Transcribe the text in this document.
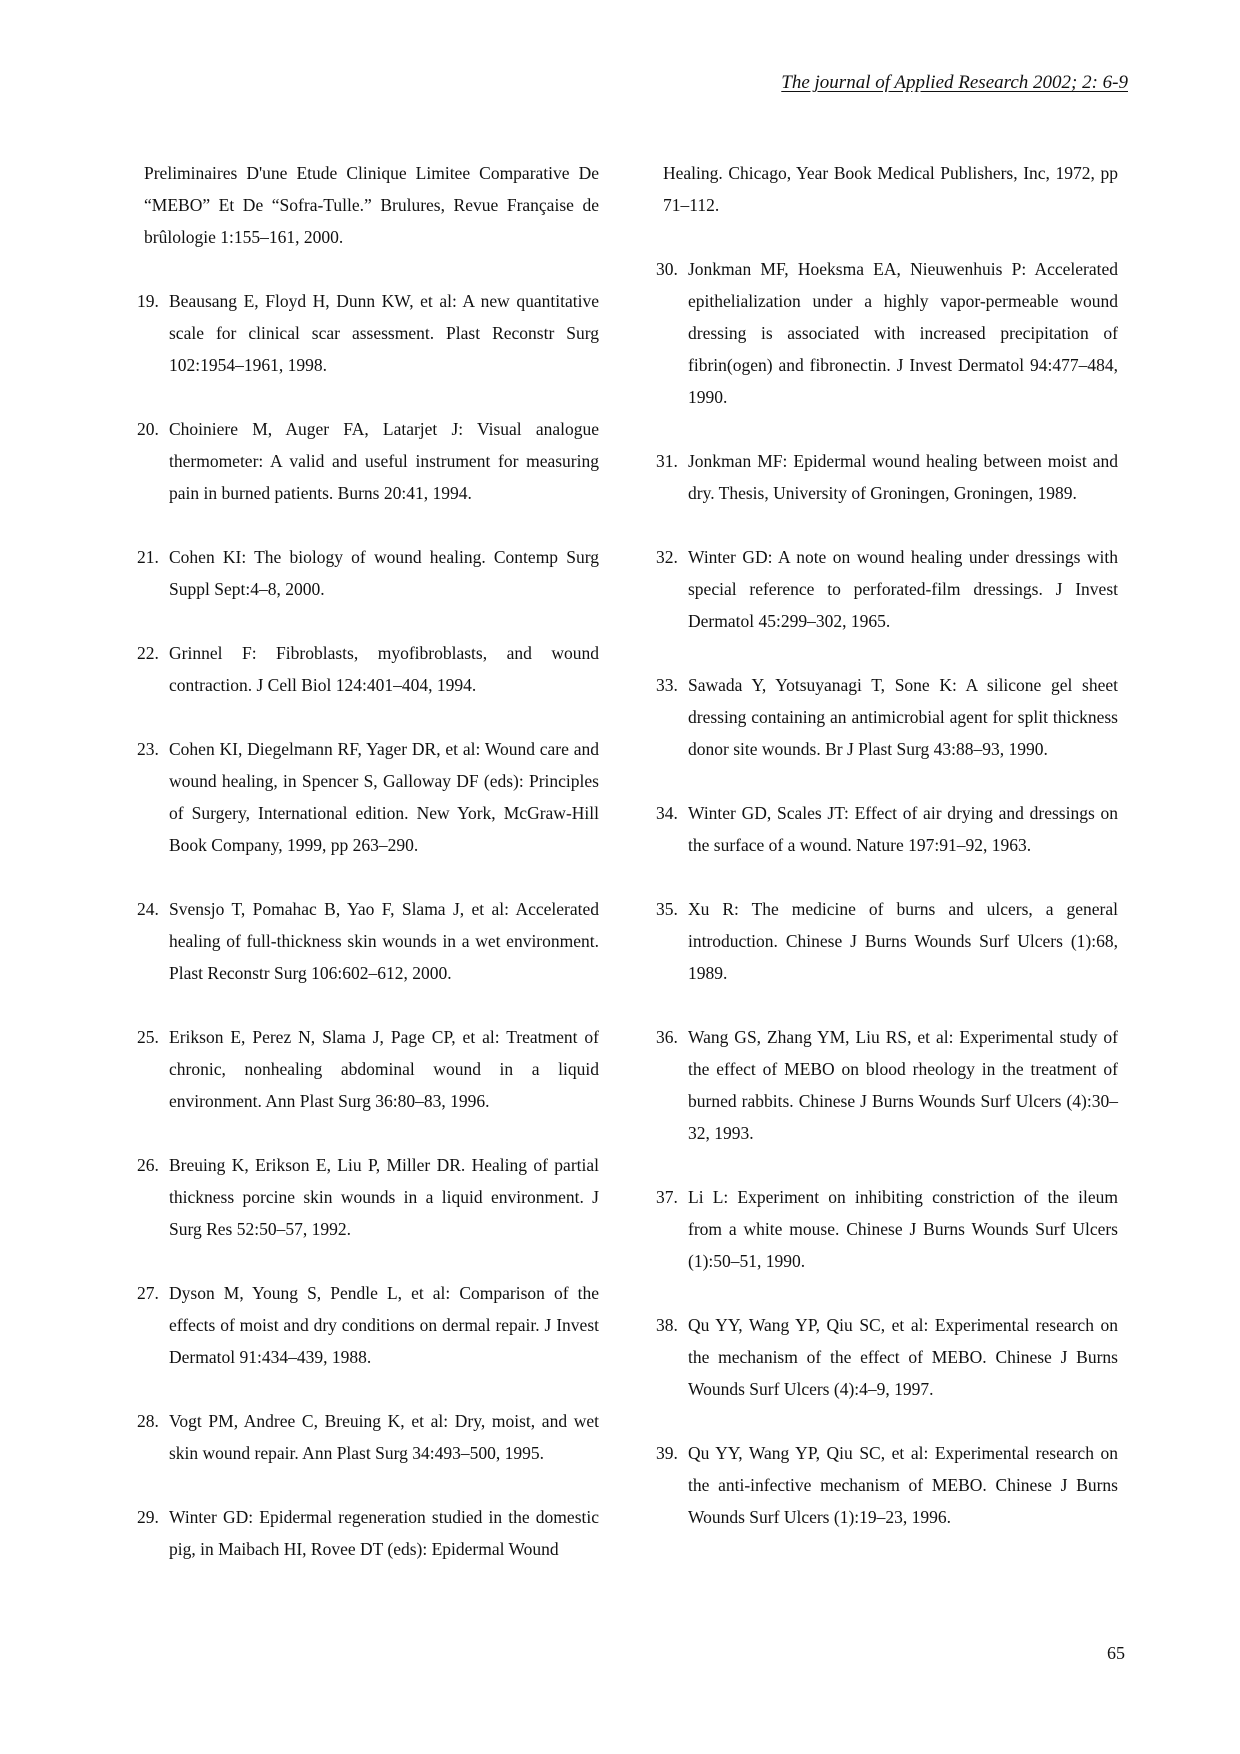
The journal of Applied Research 2002; 2: 6-9
Preliminaires D'une Etude Clinique Limitee Comparative De “MEBO” Et De “Sofra-Tulle.” Brulures, Revue Française de brûlologie 1:155–161, 2000.
19. Beausang E, Floyd H, Dunn KW, et al: A new quantitative scale for clinical scar assessment. Plast Reconstr Surg 102:1954–1961, 1998.
20. Choiniere M, Auger FA, Latarjet J: Visual analogue thermometer: A valid and useful instrument for measuring pain in burned patients. Burns 20:41, 1994.
21. Cohen KI: The biology of wound healing. Contemp Surg Suppl Sept:4–8, 2000.
22. Grinnel F: Fibroblasts, myofibroblasts, and wound contraction. J Cell Biol 124:401–404, 1994.
23. Cohen KI, Diegelmann RF, Yager DR, et al: Wound care and wound healing, in Spencer S, Galloway DF (eds): Principles of Surgery, International edition. New York, McGraw-Hill Book Company, 1999, pp 263–290.
24. Svensjo T, Pomahac B, Yao F, Slama J, et al: Accelerated healing of full-thickness skin wounds in a wet environment. Plast Reconstr Surg 106:602–612, 2000.
25. Erikson E, Perez N, Slama J, Page CP, et al: Treatment of chronic, nonhealing abdominal wound in a liquid environment. Ann Plast Surg 36:80–83, 1996.
26. Breuing K, Erikson E, Liu P, Miller DR. Healing of partial thickness porcine skin wounds in a liquid environment. J Surg Res 52:50–57, 1992.
27. Dyson M, Young S, Pendle L, et al: Comparison of the effects of moist and dry conditions on dermal repair. J Invest Dermatol 91:434–439, 1988.
28. Vogt PM, Andree C, Breuing K, et al: Dry, moist, and wet skin wound repair. Ann Plast Surg 34:493–500, 1995.
29. Winter GD: Epidermal regeneration studied in the domestic pig, in Maibach HI, Rovee DT (eds): Epidermal Wound
Healing. Chicago, Year Book Medical Publishers, Inc, 1972, pp 71–112.
30. Jonkman MF, Hoeksma EA, Nieuwenhuis P: Accelerated epithelialization under a highly vapor-permeable wound dressing is associated with increased precipitation of fibrin(ogen) and fibronectin. J Invest Dermatol 94:477–484, 1990.
31. Jonkman MF: Epidermal wound healing between moist and dry. Thesis, University of Groningen, Groningen, 1989.
32. Winter GD: A note on wound healing under dressings with special reference to perforated-film dressings. J Invest Dermatol 45:299–302, 1965.
33. Sawada Y, Yotsuyanagi T, Sone K: A silicone gel sheet dressing containing an antimicrobial agent for split thickness donor site wounds. Br J Plast Surg 43:88–93, 1990.
34. Winter GD, Scales JT: Effect of air drying and dressings on the surface of a wound. Nature 197:91–92, 1963.
35. Xu R: The medicine of burns and ulcers, a general introduction. Chinese J Burns Wounds Surf Ulcers (1):68, 1989.
36. Wang GS, Zhang YM, Liu RS, et al: Experimental study of the effect of MEBO on blood rheology in the treatment of burned rabbits. Chinese J Burns Wounds Surf Ulcers (4):30–32, 1993.
37. Li L: Experiment on inhibiting constriction of the ileum from a white mouse. Chinese J Burns Wounds Surf Ulcers (1):50–51, 1990.
38. Qu YY, Wang YP, Qiu SC, et al: Experimental research on the mechanism of the effect of MEBO. Chinese J Burns Wounds Surf Ulcers (4):4–9, 1997.
39. Qu YY, Wang YP, Qiu SC, et al: Experimental research on the anti-infective mechanism of MEBO. Chinese J Burns Wounds Surf Ulcers (1):19–23, 1996.
65
